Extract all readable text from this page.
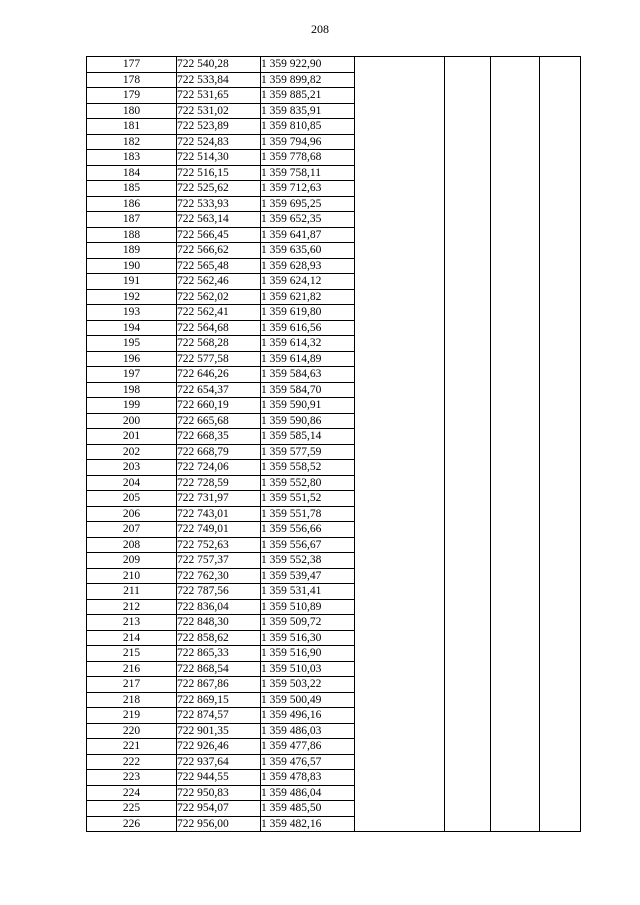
208
177	722 540,28	1 359 922,90				
178	722 533,84	1 359 899,82				
179	722 531,65	1 359 885,21				
180	722 531,02	1 359 835,91				
181	722 523,89	1 359 810,85				
182	722 524,83	1 359 794,96				
183	722 514,30	1 359 778,68				
184	722 516,15	1 359 758,11				
185	722 525,62	1 359 712,63				
186	722 533,93	1 359 695,25				
187	722 563,14	1 359 652,35				
188	722 566,45	1 359 641,87				
189	722 566,62	1 359 635,60				
190	722 565,48	1 359 628,93				
191	722 562,46	1 359 624,12				
192	722 562,02	1 359 621,82				
193	722 562,41	1 359 619,80				
194	722 564,68	1 359 616,56				
195	722 568,28	1 359 614,32				
196	722 577,58	1 359 614,89				
197	722 646,26	1 359 584,63				
198	722 654,37	1 359 584,70				
199	722 660,19	1 359 590,91				
200	722 665,68	1 359 590,86				
201	722 668,35	1 359 585,14				
202	722 668,79	1 359 577,59				
203	722 724,06	1 359 558,52				
204	722 728,59	1 359 552,80				
205	722 731,97	1 359 551,52				
206	722 743,01	1 359 551,78				
207	722 749,01	1 359 556,66				
208	722 752,63	1 359 556,67				
209	722 757,37	1 359 552,38				
210	722 762,30	1 359 539,47				
211	722 787,56	1 359 531,41				
212	722 836,04	1 359 510,89				
213	722 848,30	1 359 509,72				
214	722 858,62	1 359 516,30				
215	722 865,33	1 359 516,90				
216	722 868,54	1 359 510,03				
217	722 867,86	1 359 503,22				
218	722 869,15	1 359 500,49				
219	722 874,57	1 359 496,16				
220	722 901,35	1 359 486,03				
221	722 926,46	1 359 477,86				
222	722 937,64	1 359 476,57				
223	722 944,55	1 359 478,83				
224	722 950,83	1 359 486,04				
225	722 954,07	1 359 485,50				
226	722 956,00	1 359 482,16				
